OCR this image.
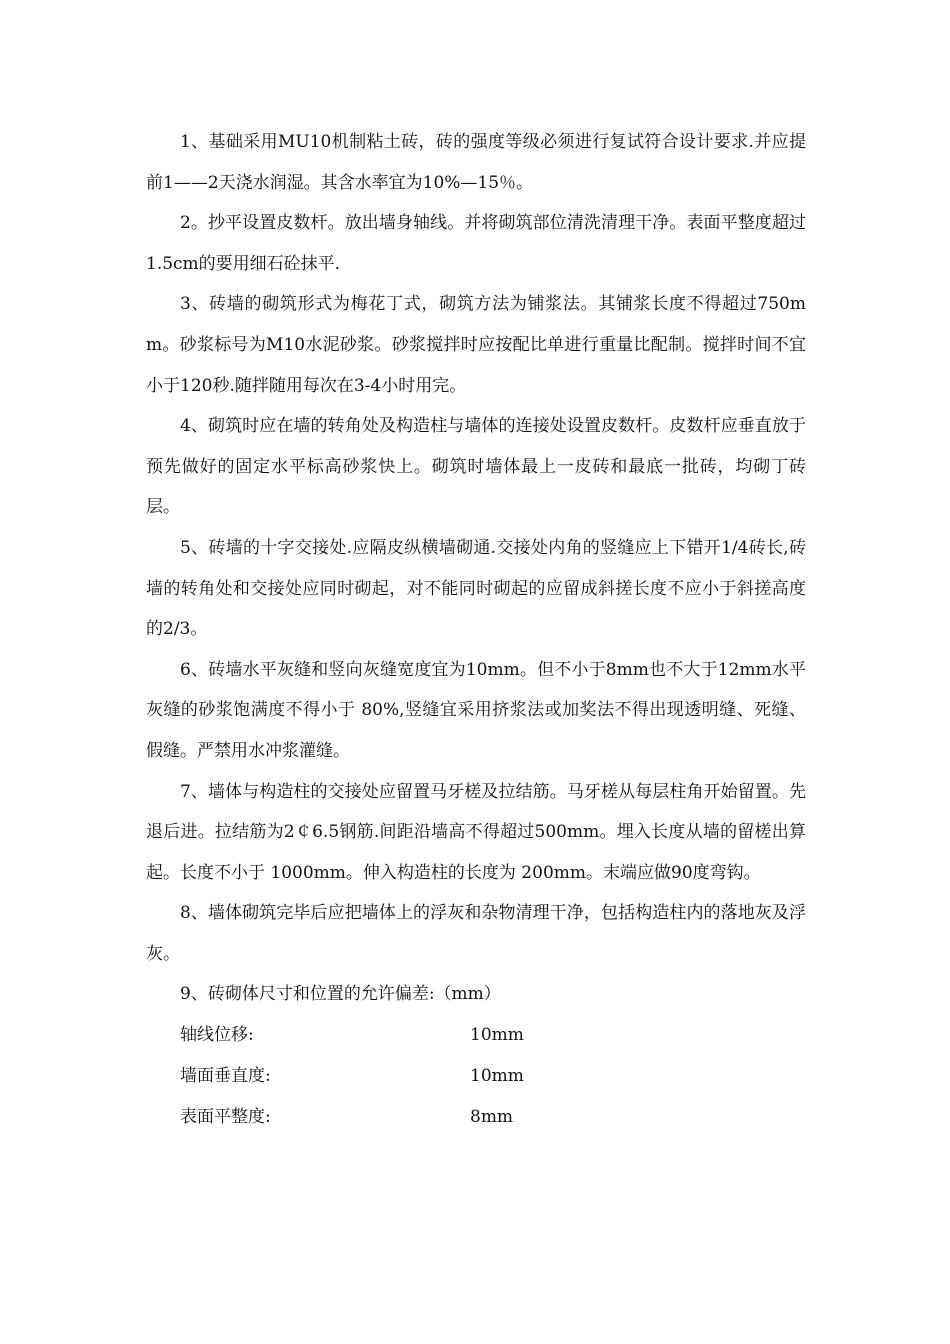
1、基础采用MU10机制粘土砖，砖的强度等级必须进行复试符合设计要求.并应提前1——2天浇水润湿。其含水率宜为10%—15％。

2。抄平设置皮数杆。放出墙身轴线。并将砌筑部位清洗清理干净。表面平整度超过1.5cm的要用细石砼抹平.

3、砖墙的砌筑形式为梅花丁式，砌筑方法为铺浆法。其铺浆长度不得超过750mm。砂浆标号为M10水泥砂浆。砂浆搅拌时应按配比单进行重量比配制。搅拌时间不宜小于120秒.随拌随用每次在3-4小时用完。

4、砌筑时应在墙的转角处及构造柱与墙体的连接处设置皮数杆。皮数杆应垂直放于预先做好的固定水平标高砂浆快上。砌筑时墙体最上一皮砖和最底一批砖，均砌丁砖层。

5、砖墙的十字交接处.应隔皮纵横墙砌通.交接处内角的竖缝应上下错开1/4砖长,砖墙的转角处和交接处应同时砌起，对不能同时砌起的应留成斜搓长度不应小于斜搓高度的2/3。

6、砖墙水平灰缝和竖向灰缝宽度宜为10mm。但不小于8mm也不大于12mm水平灰缝的砂浆饱满度不得小于 80%,竖缝宜采用挤浆法或加奖法不得出现透明缝、死缝、假缝。严禁用水冲浆灌缝。

7、墙体与构造柱的交接处应留置马牙槎及拉结筋。马牙槎从每层柱角开始留置。先退后进。拉结筋为2￠6.5钢筋.间距沿墙高不得超过500mm。埋入长度从墙的留槎出算起。长度不小于 1000mm。伸入构造柱的长度为 200mm。末端应做90度弯钩。

8、墙体砌筑完毕后应把墙体上的浮灰和杂物清理干净，包括构造柱内的落地灰及浮灰。

9、砖砌体尺寸和位置的允许偏差:（mm）

轴线位移:	10mm
墙面垂直度:	10mm
表面平整度:	8mm
